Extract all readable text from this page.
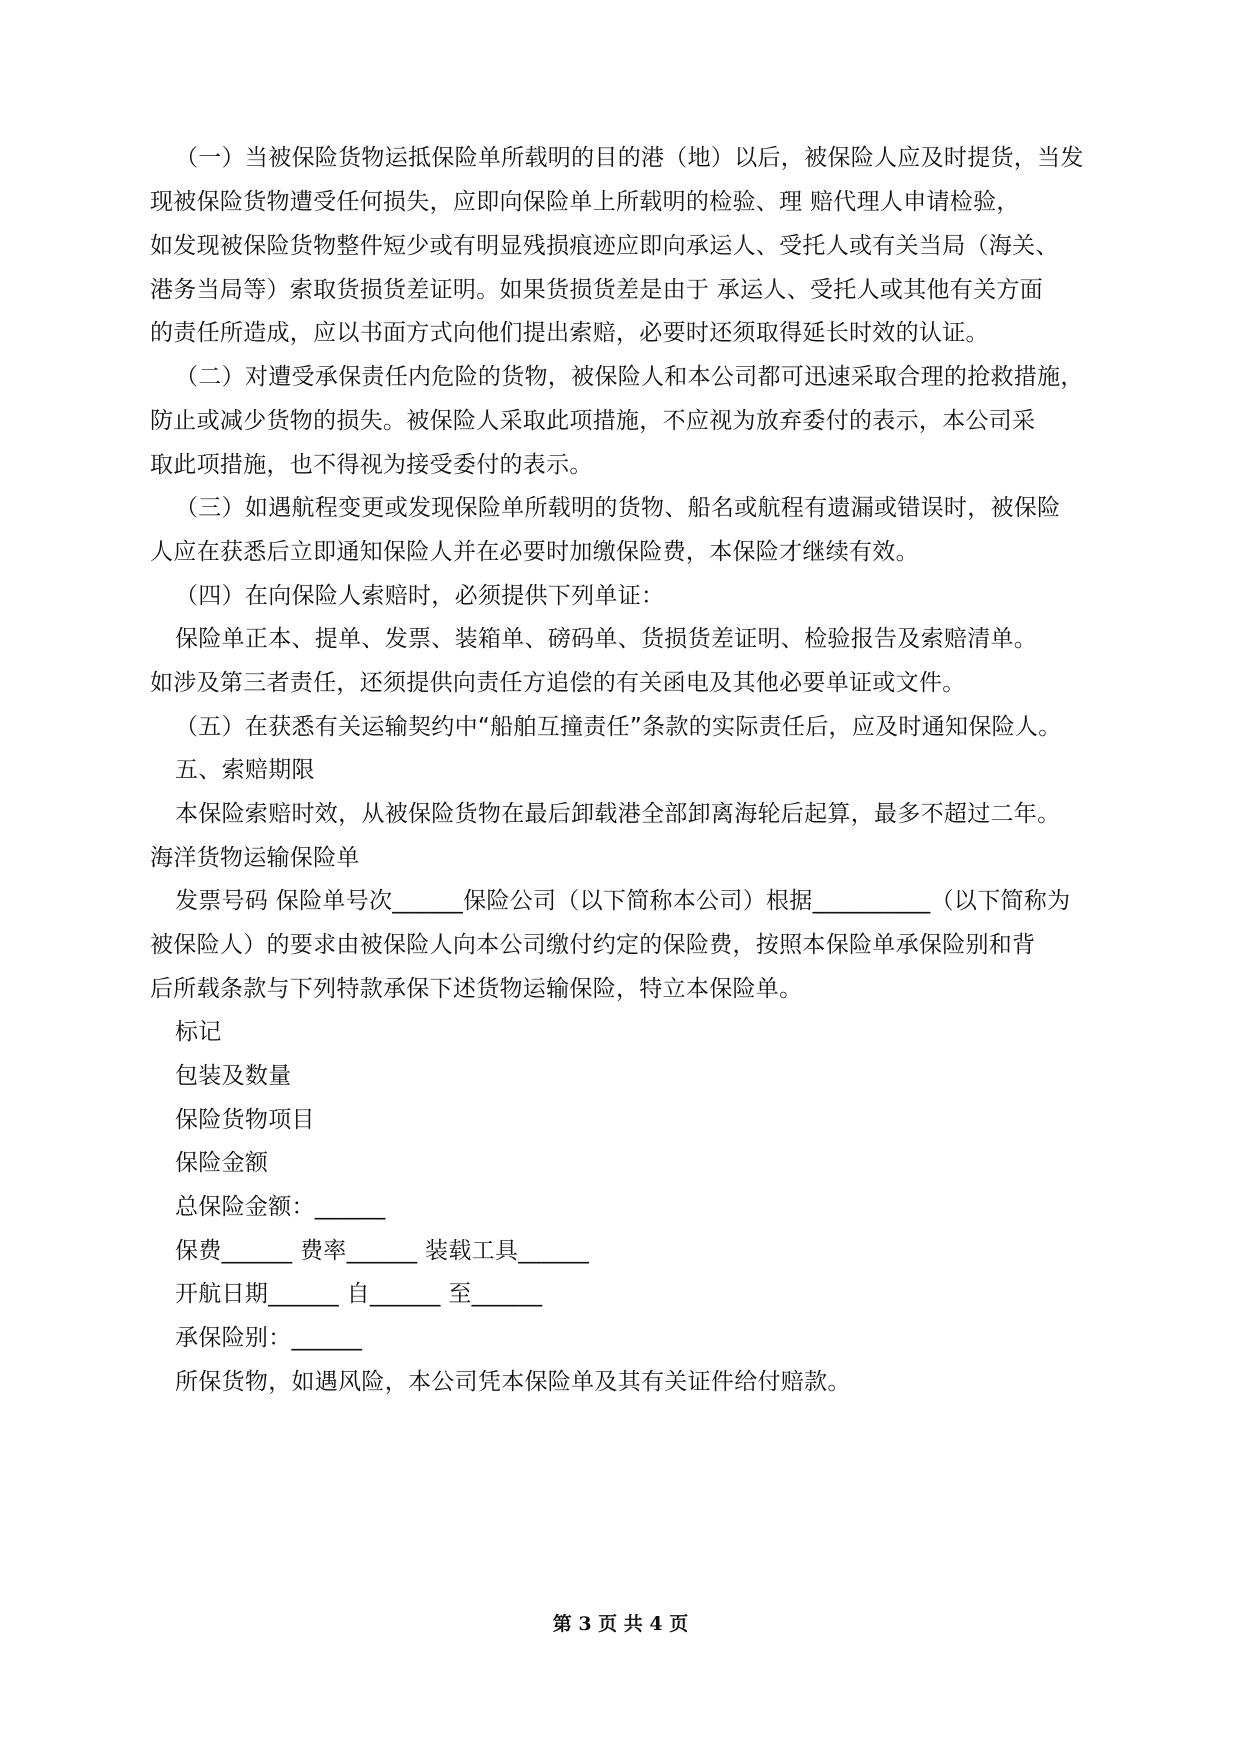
（一）当被保险货物运抵保险单所载明的目的港（地）以后，被保险人应及时提货，当发
现被保险货物遭受任何损失，应即向保险单上所载明的检验、理 赔代理人申请检验，
如发现被保险货物整件短少或有明显残损痕迹应即向承运人、受托人或有关当局（海关、
港务当局等）索取货损货差证明。如果货损货差是由于 承运人、受托人或其他有关方面
的责任所造成，应以书面方式向他们提出索赔，必要时还须取得延长时效的认证。
（二）对遭受承保责任内危险的货物，被保险人和本公司都可迅速采取合理的抢救措施，
防止或减少货物的损失。被保险人采取此项措施，不应视为放弃委付的表示，本公司采
取此项措施，也不得视为接受委付的表示。
（三）如遇航程变更或发现保险单所载明的货物、船名或航程有遗漏或错误时，被保险
人应在获悉后立即通知保险人并在必要时加缴保险费，本保险才继续有效。
（四）在向保险人索赔时，必须提供下列单证：
保险单正本、提单、发票、装箱单、磅码单、货损货差证明、检验报告及索赔清单。
如涉及第三者责任，还须提供向责任方追偿的有关函电及其他必要单证或文件。
（五）在获悉有关运输契约中“船舶互撞责任”条款的实际责任后，应及时通知保险人。
五、索赔期限
本保险索赔时效，从被保险货物在最后卸载港全部卸离海轮后起算，最多不超过二年。
海洋货物运输保险单
发票号码 保险单号次______保险公司（以下简称本公司）根据__________（以下简称为
被保险人）的要求由被保险人向本公司缴付约定的保险费，按照本保险单承保险别和背
后所载条款与下列特款承保下述货物运输保险，特立本保险单。
标记
包装及数量
保险货物项目
保险金额
总保险金额：______
保费______ 费率______ 装载工具______
开航日期______ 自______ 至______
承保险别：______
所保货物，如遇风险，本公司凭本保险单及其有关证件给付赔款。
第 3 页 共 4 页
